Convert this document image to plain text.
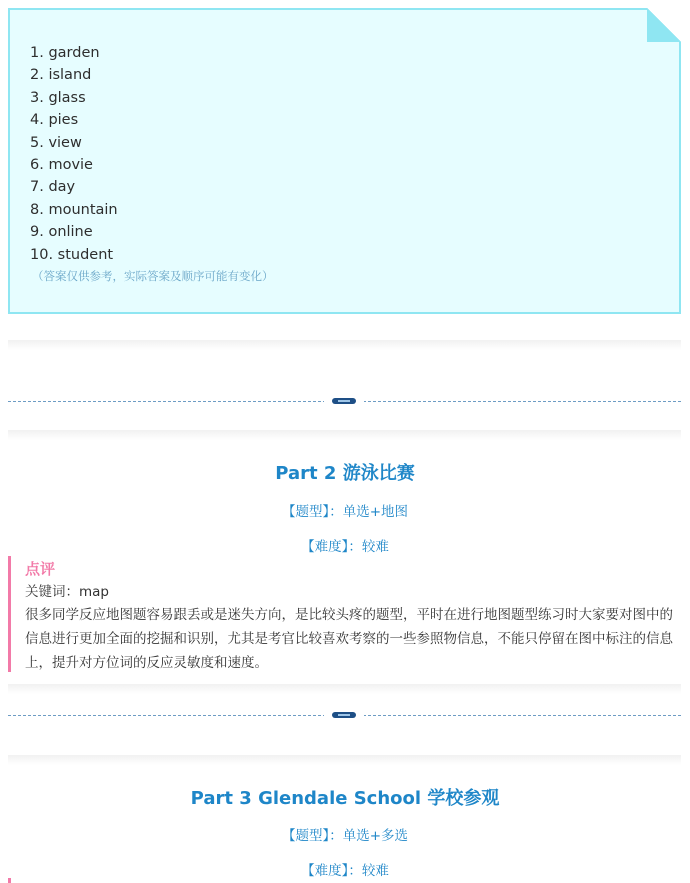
1. garden
2. island
3. glass
4. pies
5. view
6. movie
7. day
8. mountain
9. online
10. student
（答案仅供参考，实际答案及顺序可能有变化）
Part 2 游泳比赛
【题型】：单选+地图
【难度】：较难
点评
关键词：map
很多同学反应地图题容易跟丢或是迷失方向，是比较头疼的题型，平时在进行地图题型练习时大家要对图中的信息进行更加全面的挖掘和识别，尤其是考官比较喜欢考察的一些参照物信息，不能只停留在图中标注的信息上，提升对方位词的反应灵敏度和速度。
Part 3 Glendale School 学校参观
【题型】：单选+多选
【难度】：较难
